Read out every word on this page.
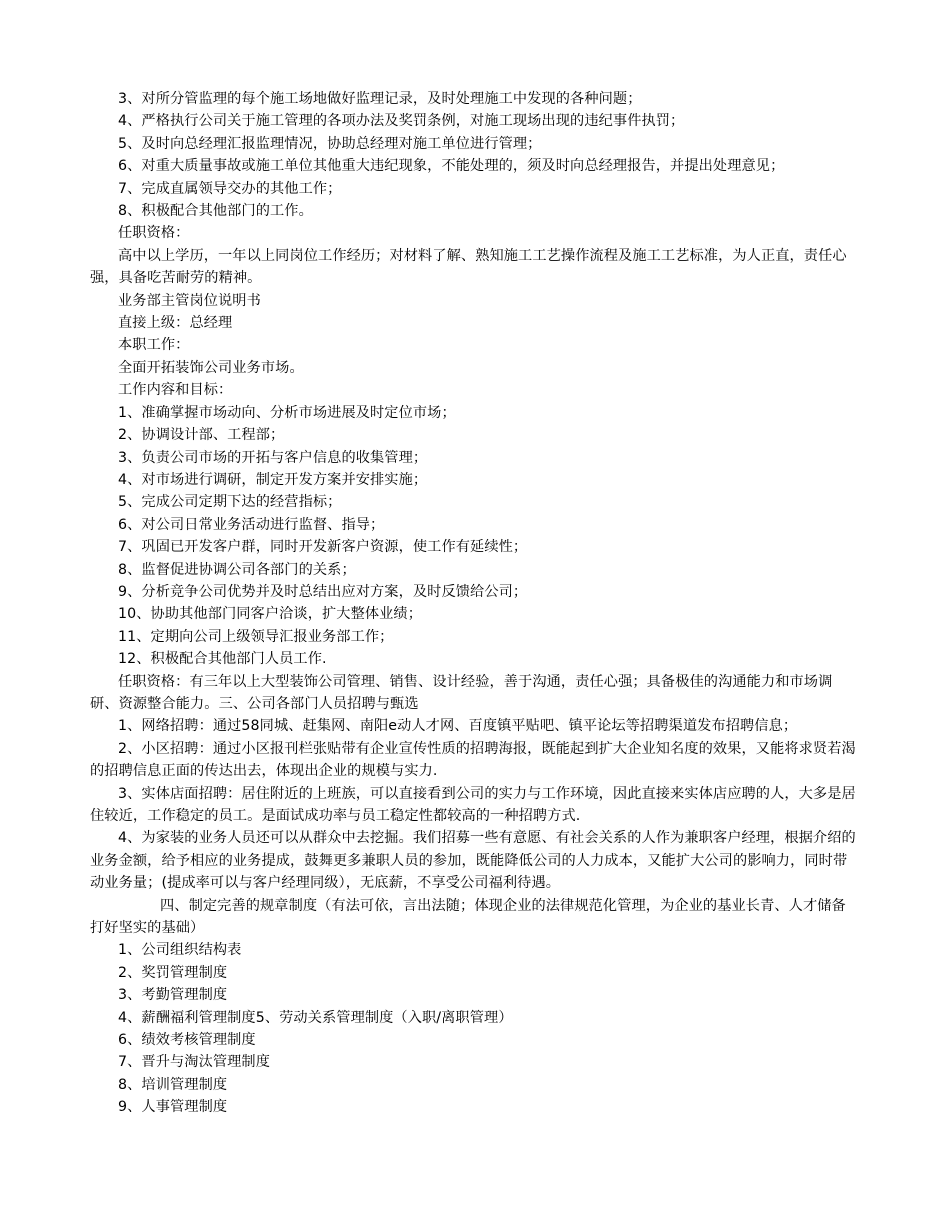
3、对所分管监理的每个施工场地做好监理记录，及时处理施工中发现的各种问题；

4、严格执行公司关于施工管理的各项办法及奖罚条例，对施工现场出现的违纪事件执罚；

5、及时向总经理汇报监理情况，协助总经理对施工单位进行管理；

6、对重大质量事故或施工单位其他重大违纪现象，不能处理的，须及时向总经理报告，并提出处理意见；

7、完成直属领导交办的其他工作；

8、积极配合其他部门的工作。

任职资格：

高中以上学历，一年以上同岗位工作经历；对材料了解、熟知施工工艺操作流程及施工工艺标准，为人正直，责任心强，具备吃苦耐劳的精神。

业务部主管岗位说明书

直接上级：总经理

本职工作：

全面开拓装饰公司业务市场。

工作内容和目标：

1、准确掌握市场动向、分析市场进展及时定位市场；

2、协调设计部、工程部；

3、负责公司市场的开拓与客户信息的收集管理；

4、对市场进行调研，制定开发方案并安排实施；

5、完成公司定期下达的经营指标；

6、对公司日常业务活动进行监督、指导；

7、巩固已开发客户群，同时开发新客户资源，使工作有延续性；

8、监督促进协调公司各部门的关系；

9、分析竞争公司优势并及时总结出应对方案，及时反馈给公司；

10、协助其他部门同客户洽谈，扩大整体业绩；

11、定期向公司上级领导汇报业务部工作；

12、积极配合其他部门人员工作.

任职资格：有三年以上大型装饰公司管理、销售、设计经验，善于沟通，责任心强；具备极佳的沟通能力和市场调研、资源整合能力。三、公司各部门人员招聘与甄选

1、网络招聘：通过58同城、赶集网、南阳e动人才网、百度镇平贴吧、镇平论坛等招聘渠道发布招聘信息；

2、小区招聘：通过小区报刊栏张贴带有企业宣传性质的招聘海报，既能起到扩大企业知名度的效果，又能将求贤若渴的招聘信息正面的传达出去，体现出企业的规模与实力.

3、实体店面招聘：居住附近的上班族，可以直接看到公司的实力与工作环境，因此直接来实体店应聘的人，大多是居住较近，工作稳定的员工。是面试成功率与员工稳定性都较高的一种招聘方式.

4、为家装的业务人员还可以从群众中去挖掘。我们招募一些有意愿、有社会关系的人作为兼职客户经理，根据介绍的业务金额，给予相应的业务提成，鼓舞更多兼职人员的参加，既能降低公司的人力成本，又能扩大公司的影响力，同时带动业务量；(提成率可以与客户经理同级），无底薪，不享受公司福利待遇。

四、制定完善的规章制度（有法可依，言出法随；体现企业的法律规范化管理，为企业的基业长青、人才储备打好坚实的基础）

1、公司组织结构表

2、奖罚管理制度

3、考勤管理制度

4、薪酬福利管理制度5、劳动关系管理制度（入职/离职管理）

6、绩效考核管理制度

7、晋升与淘汰管理制度

8、培训管理制度

9、人事管理制度
